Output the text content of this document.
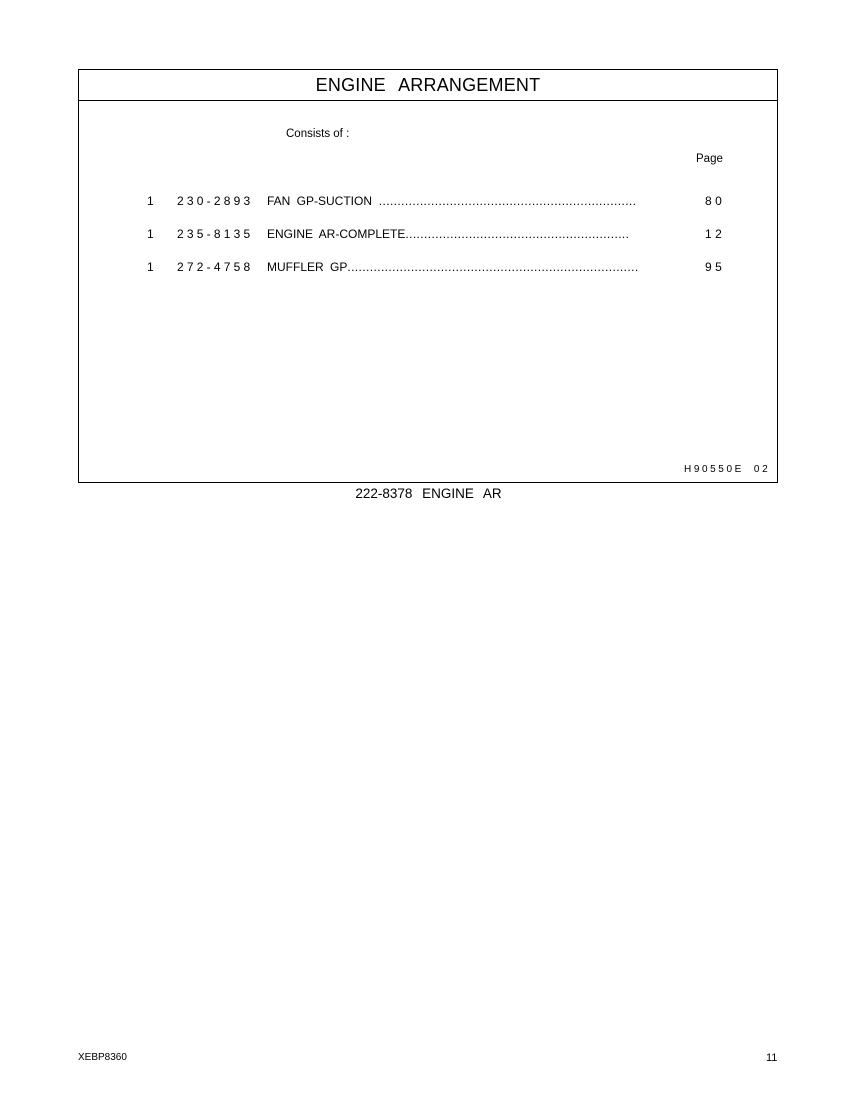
ENGINE ARRANGEMENT
Consists of :
Page
1 230-2893 FAN GP-SUCTION .....................................................................	80
1 235-8135 ENGINE AR-COMPLETE............................................................	12
1 272-4758 MUFFLER GP..............................................................................	95
H90550E 02
222-8378 ENGINE AR
XEBP8360	11
